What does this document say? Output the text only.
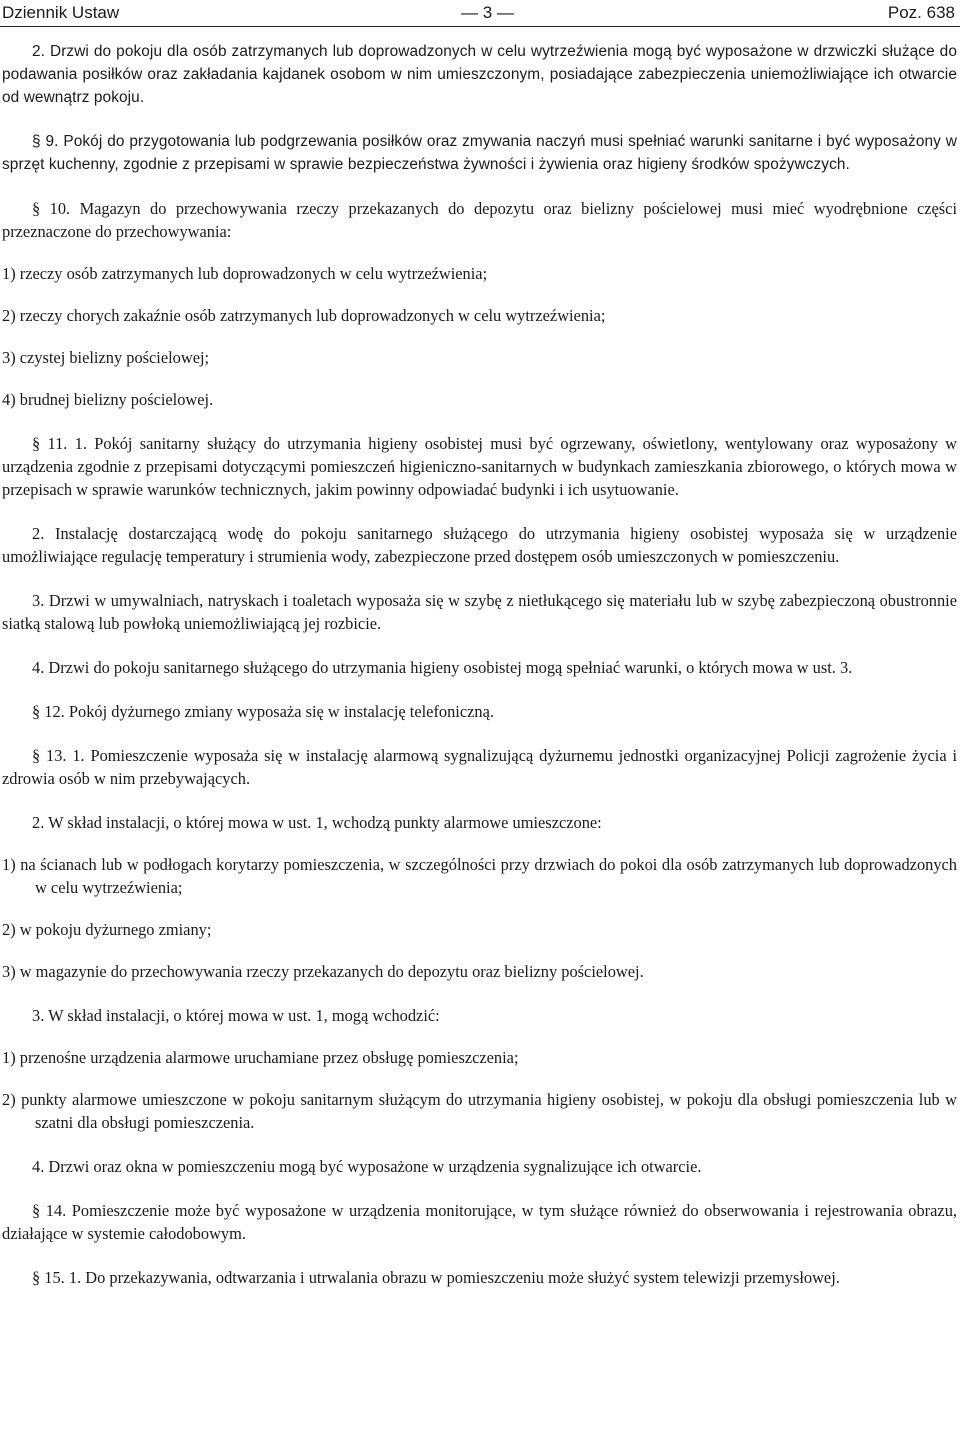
Dziennik Ustaw	— 3 —	Poz. 638

2. Drzwi do pokoju dla osób zatrzymanych lub doprowadzonych w celu wytrzeźwienia mogą być wyposażone w drzwiczki służące do podawania posiłków oraz zakładania kajdanek osobom w nim umieszczonym, posiadające zabezpieczenia uniemożliwiające ich otwarcie od wewnątrz pokoju.

§ 9. Pokój do przygotowania lub podgrzewania posiłków oraz zmywania naczyń musi spełniać warunki sanitarne i być wyposażony w sprzęt kuchenny, zgodnie z przepisami w sprawie bezpieczeństwa żywności i żywienia oraz higieny środków spożywczych.

§ 10. Magazyn do przechowywania rzeczy przekazanych do depozytu oraz bielizny pościelowej musi mieć wyodrębnione części przeznaczone do przechowywania:

1) rzeczy osób zatrzymanych lub doprowadzonych w celu wytrzeźwienia;

2) rzeczy chorych zakaźnie osób zatrzymanych lub doprowadzonych w celu wytrzeźwienia;

3) czystej bielizny pościelowej;

4) brudnej bielizny pościelowej.

§ 11. 1. Pokój sanitarny służący do utrzymania higieny osobistej musi być ogrzewany, oświetlony, wentylowany oraz wyposażony w urządzenia zgodnie z przepisami dotyczącymi pomieszczeń higieniczno-sanitarnych w budynkach zamieszkania zbiorowego, o których mowa w przepisach w sprawie warunków technicznych, jakim powinny odpowiadać budynki i ich usytuowanie.

2. Instalację dostarczającą wodę do pokoju sanitarnego służącego do utrzymania higieny osobistej wyposaża się w urządzenie umożliwiające regulację temperatury i strumienia wody, zabezpieczone przed dostępem osób umieszczonych w pomieszczeniu.

3. Drzwi w umywalniach, natryskach i toaletach wyposaża się w szybę z nietłukącego się materiału lub w szybę zabezpieczoną obustronnie siatką stalową lub powłoką uniemożliwiającą jej rozbicie.

4. Drzwi do pokoju sanitarnego służącego do utrzymania higieny osobistej mogą spełniać warunki, o których mowa w ust. 3.

§ 12. Pokój dyżurnego zmiany wyposaża się w instalację telefoniczną.

§ 13. 1. Pomieszczenie wyposaża się w instalację alarmową sygnalizującą dyżurnemu jednostki organizacyjnej Policji zagrożenie życia i zdrowia osób w nim przebywających.

2. W skład instalacji, o której mowa w ust. 1, wchodzą punkty alarmowe umieszczone:

1) na ścianach lub w podłogach korytarzy pomieszczenia, w szczególności przy drzwiach do pokoi dla osób zatrzymanych lub doprowadzonych w celu wytrzeźwienia;

2) w pokoju dyżurnego zmiany;

3) w magazynie do przechowywania rzeczy przekazanych do depozytu oraz bielizny pościelowej.

3. W skład instalacji, o której mowa w ust. 1, mogą wchodzić:

1) przenośne urządzenia alarmowe uruchamiane przez obsługę pomieszczenia;

2) punkty alarmowe umieszczone w pokoju sanitarnym służącym do utrzymania higieny osobistej, w pokoju dla obsługi pomieszczenia lub w szatni dla obsługi pomieszczenia.

4. Drzwi oraz okna w pomieszczeniu mogą być wyposażone w urządzenia sygnalizujące ich otwarcie.

§ 14. Pomieszczenie może być wyposażone w urządzenia monitorujące, w tym służące również do obserwowania i rejestrowania obrazu, działające w systemie całodobowym.

§ 15. 1. Do przekazywania, odtwarzania i utrwalania obrazu w pomieszczeniu może służyć system telewizji przemysłowej.
